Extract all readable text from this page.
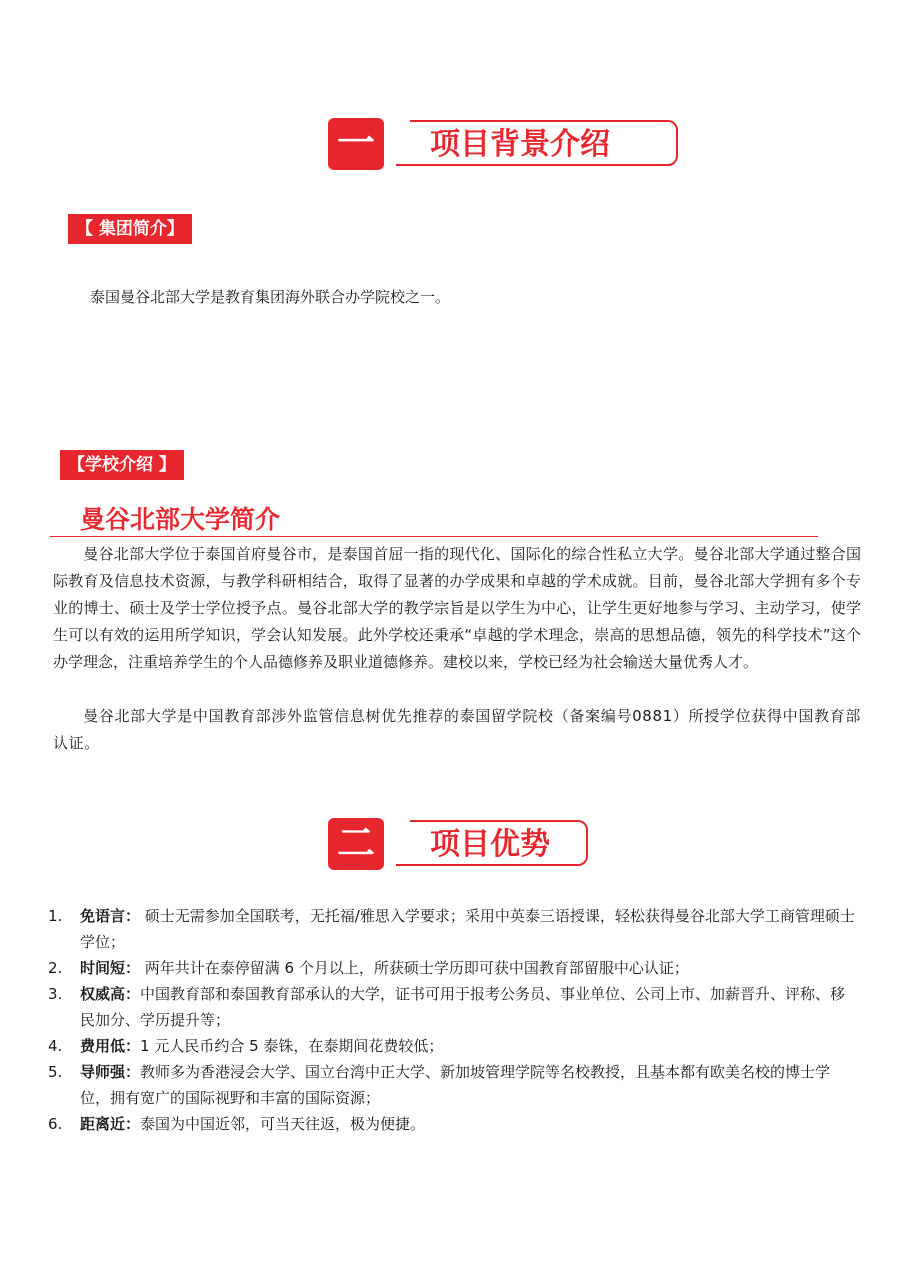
一	项目背景介绍
【 集团简介】
泰国曼谷北部大学是教育集团海外联合办学院校之一。
【学校介绍 】
曼谷北部大学简介
曼谷北部大学位于泰国首府曼谷市，是泰国首屈一指的现代化、国际化的综合性私立大学。曼谷北部大学通过整合国际教育及信息技术资源，与教学科研相结合，取得了显著的办学成果和卓越的学术成就。目前，曼谷北部大学拥有多个专业的博士、硕士及学士学位授予点。曼谷北部大学的教学宗旨是以学生为中心，让学生更好地参与学习、主动学习，使学生可以有效的运用所学知识，学会认知发展。此外学校还秉承“卓越的学术理念，崇高的思想品德，领先的科学技术”这个办学理念，注重培养学生的个人品德修养及职业道德修养。建校以来，学校已经为社会输送大量优秀人才。
曼谷北部大学是中国教育部涉外监管信息树优先推荐的泰国留学院校（备案编号0881）所授学位获得中国教育部认证。
二	项目优势
1. 免语言： 硕士无需参加全国联考，无托福/雅思入学要求；采用中英泰三语授课，轻松获得曼谷北部大学工商管理硕士学位；
2. 时间短： 两年共计在泰停留满 6 个月以上，所获硕士学历即可获中国教育部留服中心认证；
3. 权威高：中国教育部和泰国教育部承认的大学，证书可用于报考公务员、事业单位、公司上市、加薪晋升、评称、移民加分、学历提升等；
4. 费用低：1 元人民币约合 5 泰铢，在泰期间花费较低；
5. 导师强：教师多为香港浸会大学、国立台湾中正大学、新加坡管理学院等名校教授，且基本都有欧美名校的博士学位，拥有宽广的国际视野和丰富的国际资源；
6. 距离近：泰国为中国近邻，可当天往返，极为便捷。
